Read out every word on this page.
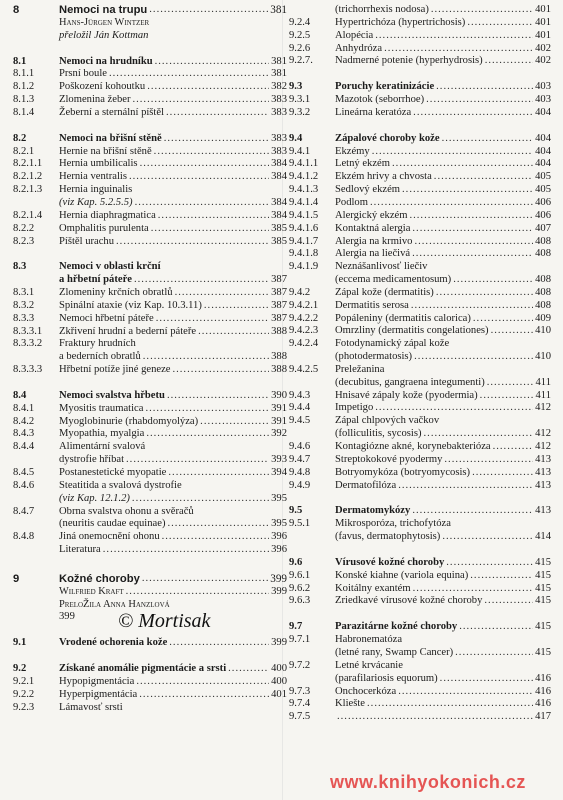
8	Nemoci na trupu .....	381
Hans-Jürgen Wintzer
přeložil Ján Kottman
8.1	Nemoci na hrudníku .....	381
8.1.1 Prsní boule .....	381
8.1.2 Poškození kohoutku .....	382
8.1.3 Zlomenina žeber .....	383
8.1.4 Žeberní a sternální píštěl .....	383
8.2	Nemoci na břišní stěně .....	383
8.2.1 Hernie na břišní stěně .....	383
8.2.1.1 Hernia umbilicalis .....	384
8.2.1.2 Hernia ventralis .....	384
8.2.1.3 Hernia inguinalis
(viz Kap. 5.2.5.5) .....	384
8.2.1.4 Hernia diaphragmatica .....	384
8.2.2 Omphalitis purulenta .....	385
8.2.3 Píštěl urachu .....	385
8.3	Nemoci v oblasti krční
a hřbetní páteře .....	387
8.3.1 Zlomeniny krčních obratlů .....	387
8.3.2 Spinální ataxie (viz Kap. 10.3.11) .....	387
8.3.3 Nemoci hřbetní páteře .....	387
8.3.3.1 Zkřivení hrudní a bederní páteře .....	388
8.3.3.2 Fraktury hrudních
a bederních obratlů .....	388
8.3.3.3 Hřbetní potíže jiné geneze .....	388
8.4	Nemoci svalstva hřbetu .....	390
8.4.1 Myositis traumatica .....	391
8.4.2 Myoglobinurie (rhabdomyolýza) .....	391
8.4.3 Myopathia, myalgia .....	392
8.4.4 Alimentární svalová
dystrofie hříbat .....	393
8.4.5 Postanestetické myopatie .....	394
8.4.6 Steatitida a svalová dystrofie
(viz Kap. 12.1.2) .....	395
8.4.7 Obrna svalstva ohonu a svěračů
(neuritis caudae equinae) .....	395
8.4.8 Jiná onemocnění ohonu .....	396
Literatura .....	396
9	Kožné choroby .....	399
Wilfried Kraft .....	399
PreloŽila Anna Hanzlová
399
9.1	Vrodené ochorenia kože .....	399
9.2	Získané anomálie pigmentácie a srsti .....	400
9.2.1 Hypopigmentácia .....	400
9.2.2 Hyperpigmentácia .....	401
9.2.3 Lámavosť srsti
(trichorrhexis nodosa) .....	401
9.2.4 Hypertrichóza (hypertrichosis) .....	401
9.2.5 Alopécia .....	401
9.2.6 Anhydróza .....	402
9.2.7. Nadmerné potenie (hyperhydrosis) .....	402
9.3	Poruchy keratinizácie .....	403
9.3.1 Mazotok (seborrhoe) .....	403
9.3.2 Lineárna keratóza .....	404
9.4	Zápalové choroby kože .....	404
9.4.1 Ekzémy .....	404
9.4.1.1 Letný ekzém .....	404
9.4.1.2 Ekzém hrivy a chvosta .....	405
9.4.1.3 Sedlový ekzém .....	405
9.4.1.4 Podlom .....	406
9.4.1.5 Alergický ekzém .....	406
9.4.1.6 Kontaktná alergia .....	407
9.4.1.7 Alergia na krmivo .....	408
9.4.1.8 Alergia na liečivá .....	408
9.4.1.9 Neznášanlivosť liečiv
(eccema medicamentosum) .....	408
9.4.2 Zápal kože (dermatitis) .....	408
9.4.2.1 Dermatitis serosa .....	408
9.4.2.2 Popáleniny (dermatitis calorica) .....	409
9.4.2.3 Omrzliny (dermatitis congelationes) .....	410
9.4.2.4 Fotodynamický zápal kože
(photodermatosis) .....	410
9.4.2.5 Preležanina
(decubitus, gangraena integumenti) .....	411
9.4.3 Hnisavé zápaly kože (pyodermia) .....	411
9.4.4 Impetigo .....	412
9.4.5 Zápal chlpových vačkov
(folliculitis, sycosis) .....	412
9.4.6 Kontagiózne akné, korynebakterióza .....	412
9.4.7 Streptokokové pyodermy .....	413
9.4.8 Botryomykóza (botryomycosis) .....	413
9.4.9 Dermatofilóza .....	413
9.5	Dermatomykózy .....	413
9.5.1 Mikrosporóza, trichofytóza
(favus, dermatophytosis) .....	414
9.6	Vírusové kožné choroby .....	415
9.6.1 Konské kiahne (variola equina) .....	415
9.6.2 Koitálny exantém .....	415
9.6.3 Zriedkavé vírusové kožné choroby .....	415
9.7	Parazitárne kožné choroby .....	415
9.7.1 Habronematóza
(letné rany, Swamp Cancer) .....	415
9.7.2 Letné krvácanie
(parafilariosis equorum) .....	416
9.7.3 Onchocerkóza .....	416
9.7.4 Kliešte .....	416
9.7.5 .....	417
© Mortisak
www.knihyokonich.cz
